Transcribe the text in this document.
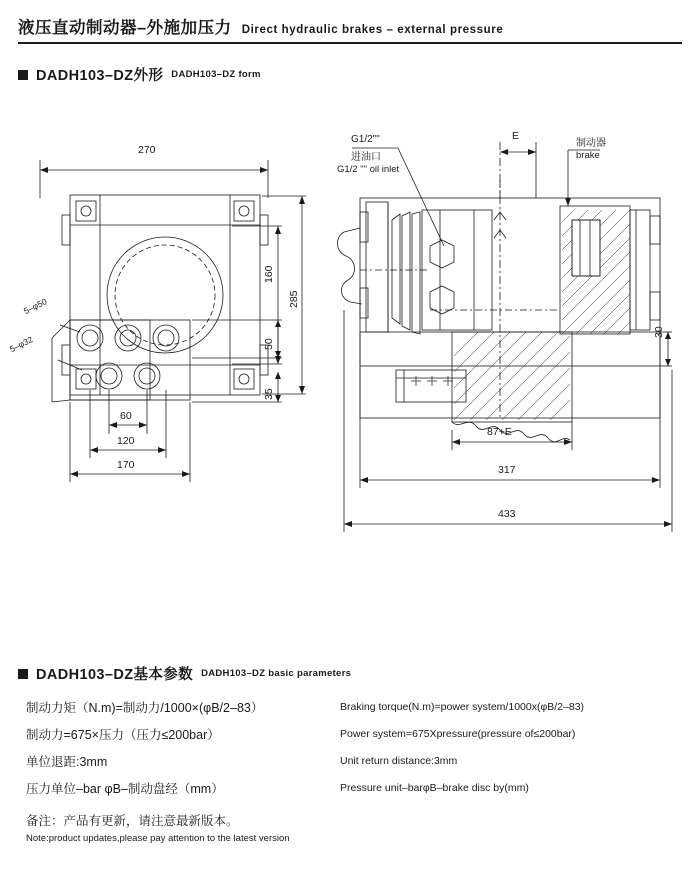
液压直动制动器–外施加压力 Direct hydraulic brakes – external pressure
DADH103–DZ外形 DADH103–DZ form
270
160
285
50
35
60
120
170
5–φ50
5–φ32
E
30
87+E
317
433
G1/2""
进油口
G1/2 "" oil inlet
制动器
brake
DADH103–DZ基本参数 DADH103–DZ basic parameters
制动力矩（N.m)=制动力/1000×(φB/2–83）
制动力=675×压力（压力≤200bar）
单位退距:3mm
压力单位–bar φB–制动盘经（mm）
Braking torque(N.m)=power system/1000x(φB/2–83)
Power system=675Xpressure(pressure of≤200bar)
Unit return distance:3mm
Pressure unit–barφB–brake disc by(mm)
备注：产品有更新，请注意最新版本。
Note:product updates,please pay attention to the latest version
